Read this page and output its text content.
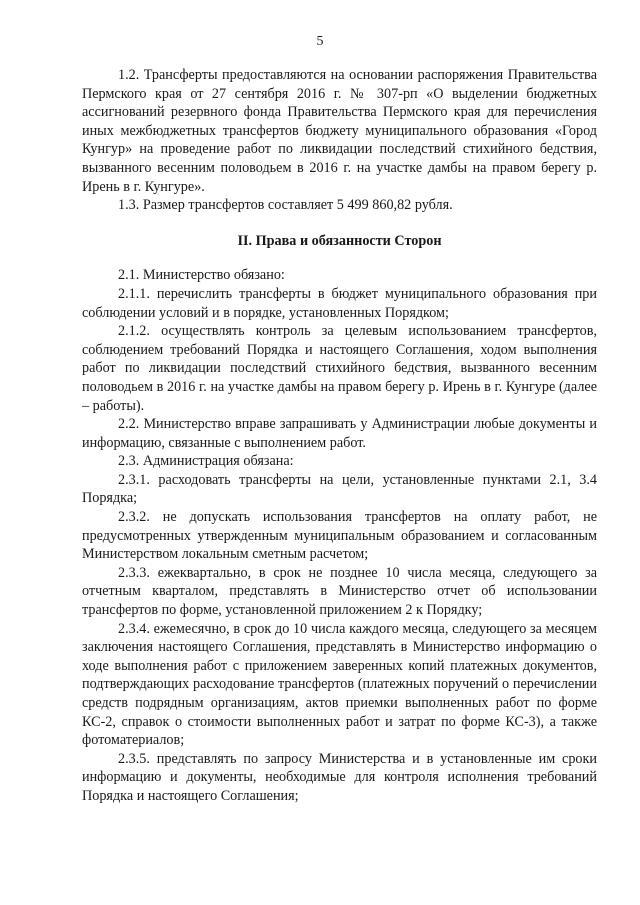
5

1.2. Трансферты предоставляются на основании распоряжения Правительства Пермского края от 27 сентября 2016 г. № 307-рп «О выделении бюджетных ассигнований резервного фонда Правительства Пермского края для перечисления иных межбюджетных трансфертов бюджету муниципального образования «Город Кунгур» на проведение работ по ликвидации последствий стихийного бедствия, вызванного весенним половодьем в 2016 г. на участке дамбы на правом берегу р. Ирень в г. Кунгуре».

1.3. Размер трансфертов составляет 5 499 860,82 рубля.

II. Права и обязанности Сторон

2.1. Министерство обязано:

2.1.1. перечислить трансферты в бюджет муниципального образования при соблюдении условий и в порядке, установленных Порядком;

2.1.2. осуществлять контроль за целевым использованием трансфертов, соблюдением требований Порядка и настоящего Соглашения, ходом выполнения работ по ликвидации последствий стихийного бедствия, вызванного весенним половодьем в 2016 г. на участке дамбы на правом берегу р. Ирень в г. Кунгуре (далее – работы).

2.2. Министерство вправе запрашивать у Администрации любые документы и информацию, связанные с выполнением работ.

2.3. Администрация обязана:

2.3.1. расходовать трансферты на цели, установленные пунктами 2.1, 3.4 Порядка;

2.3.2. не допускать использования трансфертов на оплату работ, не предусмотренных утвержденным муниципальным образованием и согласованным Министерством локальным сметным расчетом;

2.3.3. ежеквартально, в срок не позднее 10 числа месяца, следующего за отчетным кварталом, представлять в Министерство отчет об использовании трансфертов по форме, установленной приложением 2 к Порядку;

2.3.4. ежемесячно, в срок до 10 числа каждого месяца, следующего за месяцем заключения настоящего Соглашения, представлять в Министерство информацию о ходе выполнения работ с приложением заверенных копий платежных документов, подтверждающих расходование трансфертов (платежных поручений о перечислении средств подрядным организациям, актов приемки выполненных работ по форме КС-2, справок о стоимости выполненных работ и затрат по форме КС-3), а также фотоматериалов;

2.3.5. представлять по запросу Министерства и в установленные им сроки информацию и документы, необходимые для контроля исполнения требований Порядка и настоящего Соглашения;
